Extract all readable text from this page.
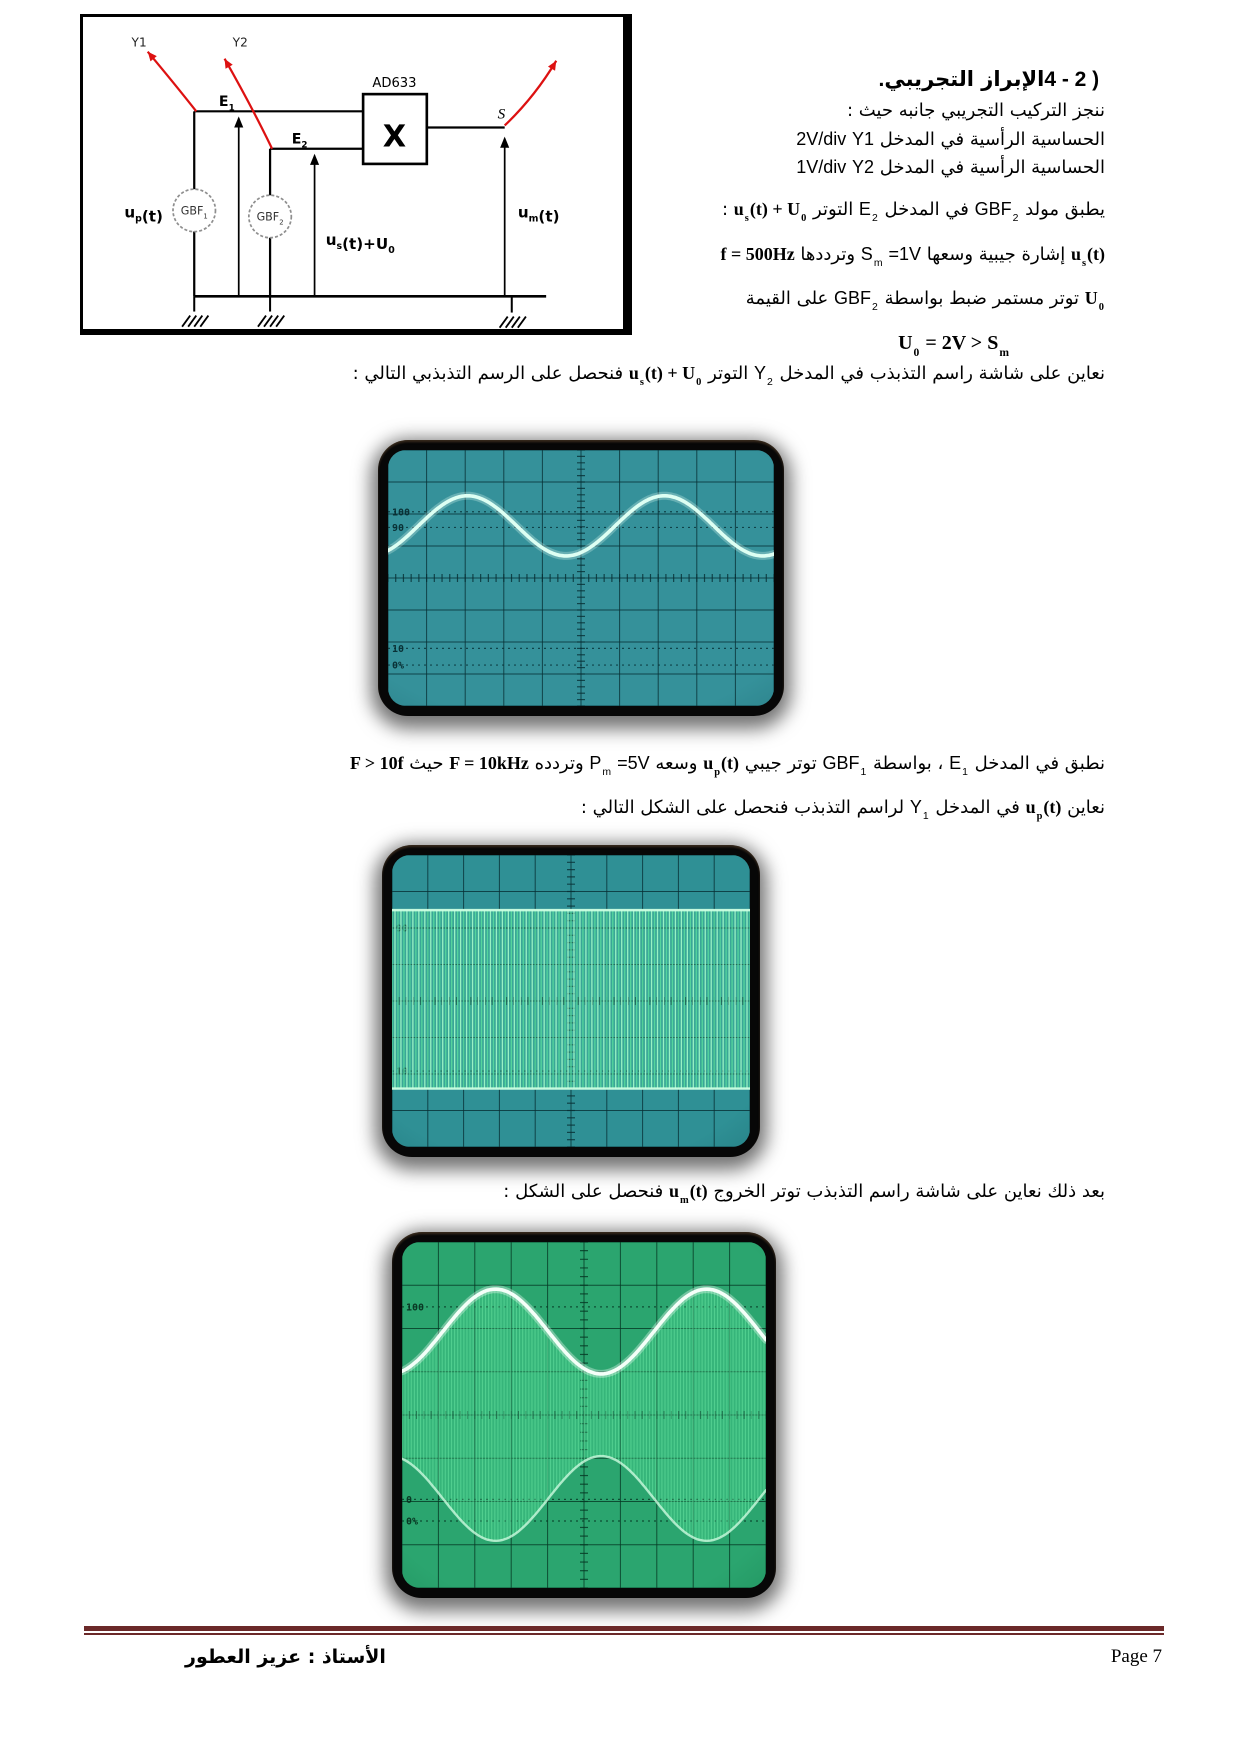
AD633
X
$GBF_1$	$GBF_2$
Y1	Y2
$E_1$
$E_2$
S
$u_p(t)$
$u_s(t)+U_0$
$u_m(t)$
4 - 2 ) الإبراز التجريبي .
ننجز التركيب التجريبي جانبه حيث :
الحساسية الرأسية في المدخل Y1 2V/div
الحساسية الرأسية في المدخل Y2 1V/div
يطبق مولد $GBF_2$ في المدخل $E_2$ التوتر $u_s(t) + U_0$ :
$u_s(t)$ إشارة جيبية وسعها $S_m =1V$ وترددها f = 500Hz
$U_0$ توتر مستمر ضبط بواسطة $GBF_2$ على القيمة
$U_0 = 2V > S_m$
نعاين على شاشة راسم التذبذب في المدخل $Y_2$ التوتر $u_s(t) + U_0$ فنحصل على الرسم التذبذبي التالي :
100
90
10
0%
نطبق في المدخل $E_1$ ، بواسطة $GBF_1$ توتر جيبي $u_p(t)$ وسعه $P_m =5V$ وتردده F = 10kHz حيث F > 10f
نعاين $u_p(t)$ في المدخل $Y_1$ لراسم التذبذب فنحصل على الشكل التالي :
بعد ذلك نعاين على شاشة راسم التذبذب توتر الخروج $u_m(t)$ فنحصل على الشكل :
100
0
0%
الأستاذ : عزيز العطور	Page 7
